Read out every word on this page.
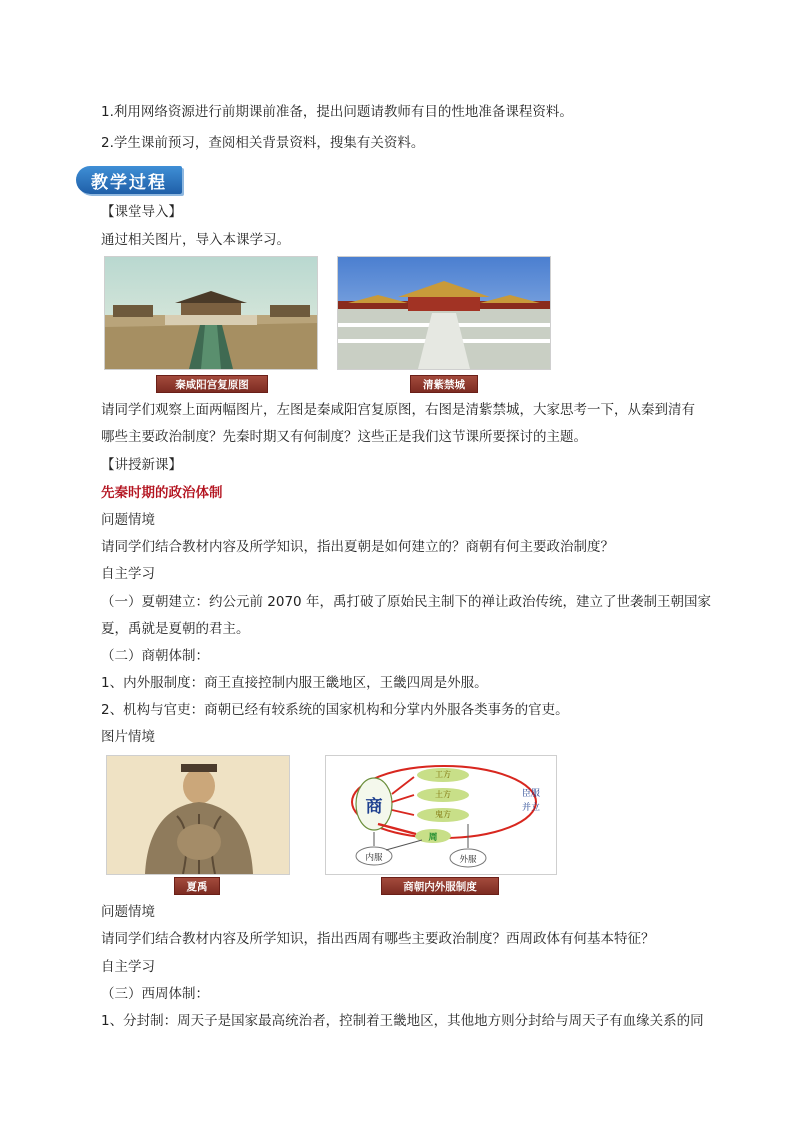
1.利用网络资源进行前期课前准备，提出问题请教师有目的性地准备课程资料。
2.学生课前预习，查阅相关背景资料，搜集有关资料。
教学过程
【课堂导入】
通过相关图片，导入本课学习。
秦咸阳宫复原图	清紫禁城
请同学们观察上面两幅图片，左图是秦咸阳宫复原图，右图是清紫禁城，大家思考一下，从秦到清有
哪些主要政治制度？先秦时期又有何制度？这些正是我们这节课所要探讨的主题。
【讲授新课】
先秦时期的政治体制
问题情境
请同学们结合教材内容及所学知识，指出夏朝是如何建立的？商朝有何主要政治制度？
自主学习
（一）夏朝建立：约公元前 2070 年，禹打破了原始民主制下的禅让政治传统，建立了世袭制王朝国家
夏，禹就是夏朝的君主。
（二）商朝体制：
1、内外服制度：商王直接控制内服王畿地区，王畿四周是外服。
2、机构与官吏：商朝已经有较系统的国家机构和分掌内外服各类事务的官吏。
图片情境
夏禹
商
工方
土方
鬼方
周
内服	外服
臣服
并立
商朝内外服制度
问题情境
请同学们结合教材内容及所学知识，指出西周有哪些主要政治制度？西周政体有何基本特征？
自主学习
（三）西周体制：
1、分封制：周天子是国家最高统治者，控制着王畿地区，其他地方则分封给与周天子有血缘关系的同
